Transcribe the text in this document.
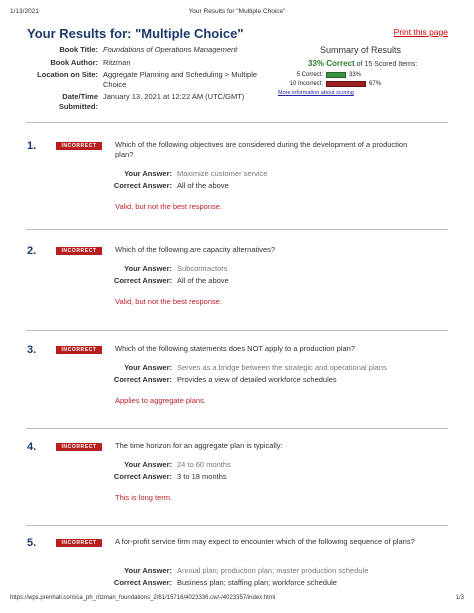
1/13/2021	Your Results for "Multiple Choice"
Your Results for: "Multiple Choice"	Print this page
Book Title: Foundations of Operations Management
Book Author: Ritzman
Location on Site: Aggregate Planning and Scheduling > Multiple Choice
Date/Time Submitted:
January 13, 2021 at 12:22 AM (UTC/GMT)
Summary of Results
33% Correct of 15 Scored Items:
5 Correct:	33%
10 Incorrect:	67%
More information about scoring
1.	INCORRECT	Which of the following objectives are considered during the development of a production plan?
Your Answer: Maximize customer service
Correct Answer: All of the above
Valid, but not the best response.
2.	INCORRECT	Which of the following are capacity alternatives?
Your Answer: Subcontractors
Correct Answer: All of the above
Valid, but not the best response.
3.	INCORRECT	Which of the following statements does NOT apply to a production plan?
Your Answer: Serves as a bridge between the strategic and operational plans
Correct Answer: Provides a view of detailed workforce schedules
Applies to aggregate plans.
4.	INCORRECT	The time horizon for an aggregate plan is typically:
Your Answer: 24 to 60 months
Correct Answer: 3 to 18 months
This is long term.
5.	INCORRECT	A for-profit service firm may expect to encounter which of the following sequence of plans?
Your Answer: Annual plan; production plan; master production schedule
Correct Answer: Business plan; staffing plan; workforce schedule
https://wps.prenhall.com/ca_ph_ritzman_foundations_2/61/15716/4023336.cw/-/4023357/index.html	1/3
